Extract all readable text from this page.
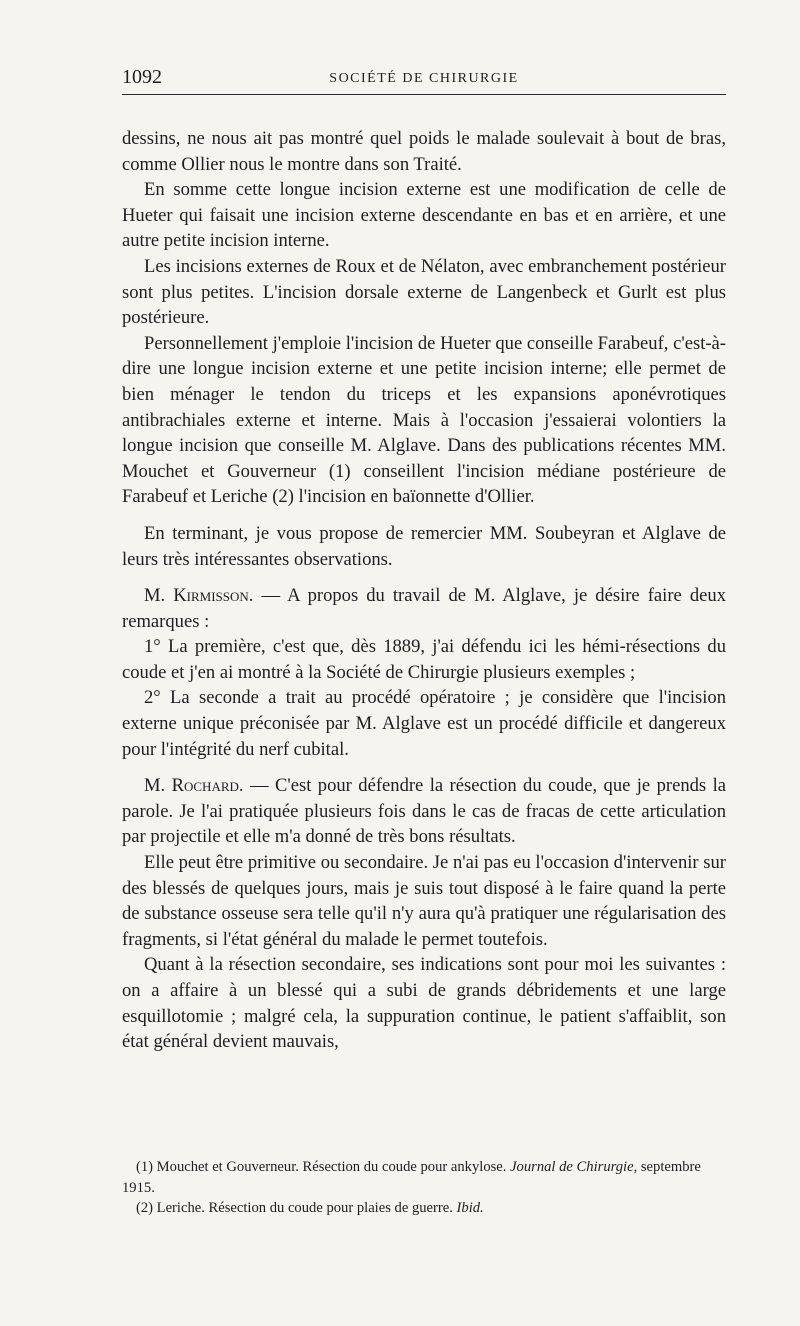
1092	SOCIÉTÉ DE CHIRURGIE

dessins, ne nous ait pas montré quel poids le malade soulevait à bout de bras, comme Ollier nous le montre dans son Traité.

En somme cette longue incision externe est une modification de celle de Hueter qui faisait une incision externe descendante en bas et en arrière, et une autre petite incision interne.

Les incisions externes de Roux et de Nélaton, avec embranchement postérieur sont plus petites. L'incision dorsale externe de Langenbeck et Gurlt est plus postérieure.

Personnellement j'emploie l'incision de Hueter que conseille Farabeuf, c'est-à-dire une longue incision externe et une petite incision interne; elle permet de bien ménager le tendon du triceps et les expansions aponévrotiques antibrachiales externe et interne. Mais à l'occasion j'essaierai volontiers la longue incision que conseille M. Alglave. Dans des publications récentes MM. Mouchet et Gouverneur (1) conseillent l'incision médiane postérieure de Farabeuf et Leriche (2) l'incision en baïonnette d'Ollier.

En terminant, je vous propose de remercier MM. Soubeyran et Alglave de leurs très intéressantes observations.

M. Kirmisson. — A propos du travail de M. Alglave, je désire faire deux remarques :

1° La première, c'est que, dès 1889, j'ai défendu ici les hémi-résections du coude et j'en ai montré à la Société de Chirurgie plusieurs exemples ;

2° La seconde a trait au procédé opératoire ; je considère que l'incision externe unique préconisée par M. Alglave est un procédé difficile et dangereux pour l'intégrité du nerf cubital.

M. Rochard. — C'est pour défendre la résection du coude, que je prends la parole. Je l'ai pratiquée plusieurs fois dans le cas de fracas de cette articulation par projectile et elle m'a donné de très bons résultats.

Elle peut être primitive ou secondaire. Je n'ai pas eu l'occasion d'intervenir sur des blessés de quelques jours, mais je suis tout disposé à le faire quand la perte de substance osseuse sera telle qu'il n'y aura qu'à pratiquer une régularisation des fragments, si l'état général du malade le permet toutefois.

Quant à la résection secondaire, ses indications sont pour moi les suivantes : on a affaire à un blessé qui a subi de grands débridements et une large esquillotomie ; malgré cela, la suppuration continue, le patient s'affaiblit, son état général devient mauvais,

(1) Mouchet et Gouverneur. Résection du coude pour ankylose. Journal de Chirurgie, septembre 1915.

(2) Leriche. Résection du coude pour plaies de guerre. Ibid.
